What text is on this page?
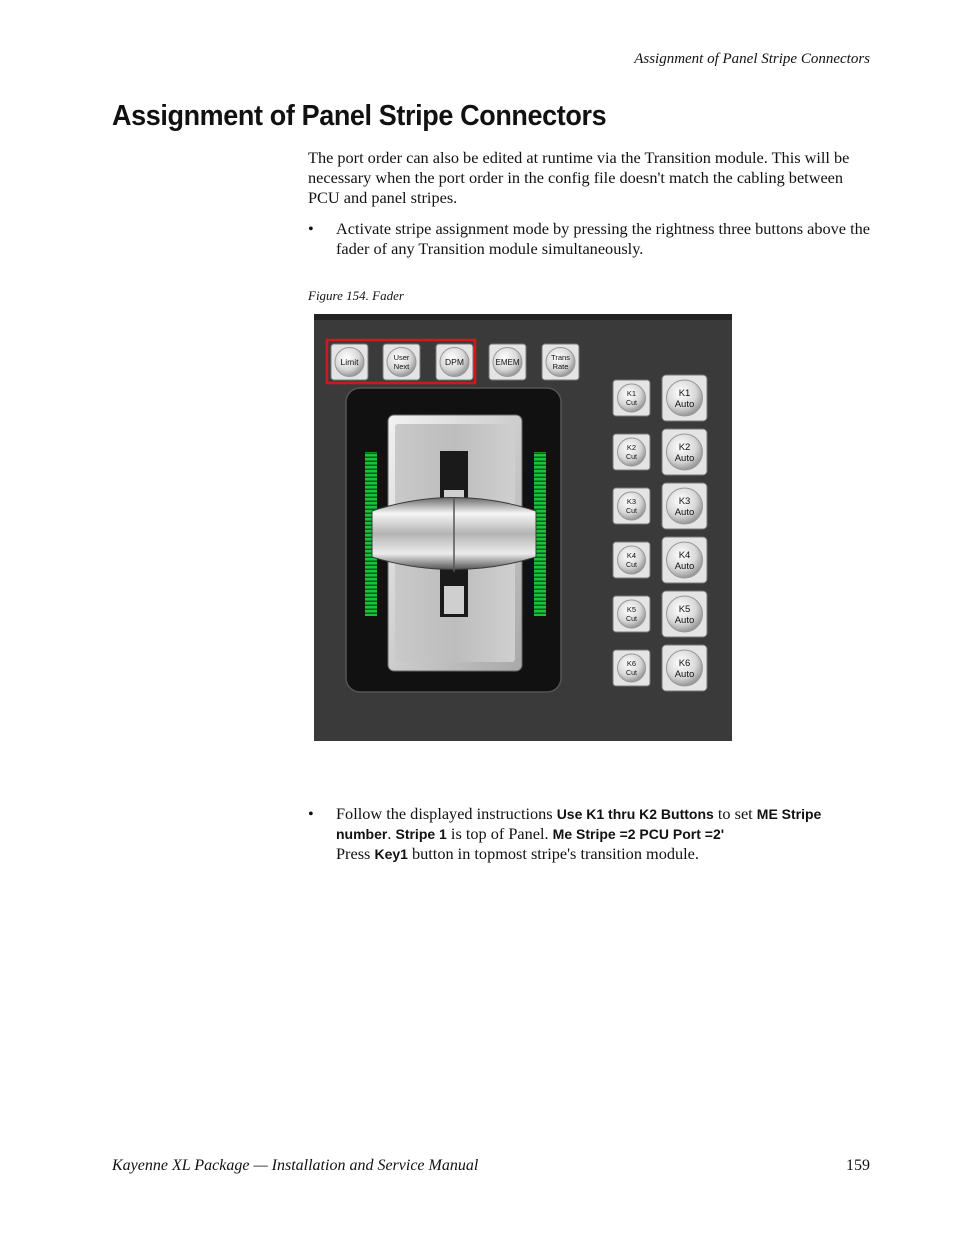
Assignment of Panel Stripe Connectors
Assignment of Panel Stripe Connectors
The port order can also be edited at runtime via the Transition module. This will be necessary when the port order in the config file doesn't match the cabling between PCU and panel stripes.
• Activate stripe assignment mode by pressing the rightness three buttons above the fader of any Transition module simultaneously.
Figure 154. Fader
Limit	User
Next	DPM	EMEM
Trans
Rate
K1
Cut
K1
Auto
K2
Cut
K2
Auto
K3
Cut
K3
Auto
K4
Cut
K4
Auto
K5
Cut
K5
Auto
K6
Cut
K6
Auto
• Follow the displayed instructions Use K1 thru K2 Buttons to set ME Stripe number. Stripe 1 is top of Panel. Me Stripe =2 PCU Port =2'
Press Key1 button in topmost stripe's transition module.
Kayenne XL Package — Installation and Service Manual	159
